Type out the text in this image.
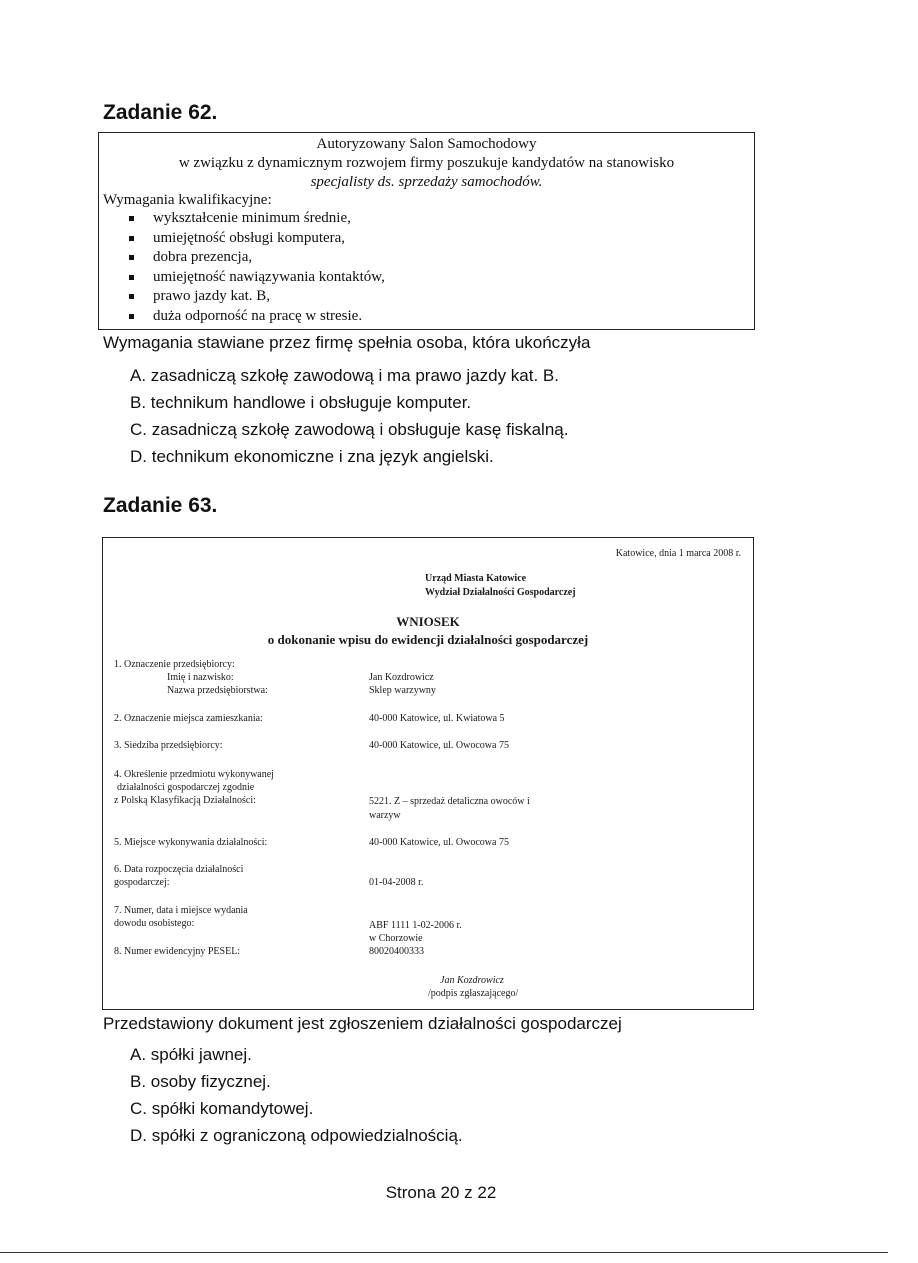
Zadanie 62.
Autoryzowany Salon Samochodowy
w związku z dynamicznym rozwojem firmy poszukuje kandydatów na stanowisko
specjalisty ds. sprzedaży samochodów.
Wymagania kwalifikacyjne:
wykształcenie minimum średnie,
umiejętność obsługi komputera,
dobra prezencja,
umiejętność nawiązywania kontaktów,
prawo jazdy kat. B,
duża odporność na pracę w stresie.
Wymagania stawiane przez firmę spełnia osoba, która ukończyła
A. zasadniczą szkołę zawodową i ma prawo jazdy kat. B.
B. technikum handlowe i obsługuje komputer.
C. zasadniczą szkołę zawodową i obsługuje kasę fiskalną.
D. technikum ekonomiczne i zna język angielski.
Zadanie 63.
Katowice, dnia 1 marca 2008 r.
Urząd Miasta Katowice
Wydział Działalności Gospodarczej
WNIOSEK
o dokonanie wpisu do ewidencji działalności gospodarczej
1. Oznaczenie przedsiębiorcy:
Imię i nazwisko:	Jan Kozdrowicz
Nazwa przedsiębiorstwa:	Sklep warzywny
2. Oznaczenie miejsca zamieszkania:	40-000 Katowice, ul. Kwiatowa 5
3. Siedziba przedsiębiorcy:	40-000 Katowice, ul. Owocowa 75
4. Określenie przedmiotu wykonywanej
działalności gospodarczej zgodnie
z Polską Klasyfikacją Działalności:	5221. Z – sprzedaż detaliczna owoców i
warzyw
5. Miejsce wykonywania działalności:	40-000 Katowice, ul. Owocowa 75
6. Data rozpoczęcia działalności
gospodarczej:	01-04-2008 r.
7. Numer, data i miejsce wydania
dowodu osobistego:	ABF 1111 1-02-2006 r.
w Chorzowie
8. Numer ewidencyjny PESEL:	80020400333
Jan Kozdrowicz
/podpis zgłaszającego/
Przedstawiony dokument jest zgłoszeniem działalności gospodarczej
A. spółki jawnej.
B. osoby fizycznej.
C. spółki komandytowej.
D. spółki z ograniczoną odpowiedzialnością.
Strona 20 z 22
